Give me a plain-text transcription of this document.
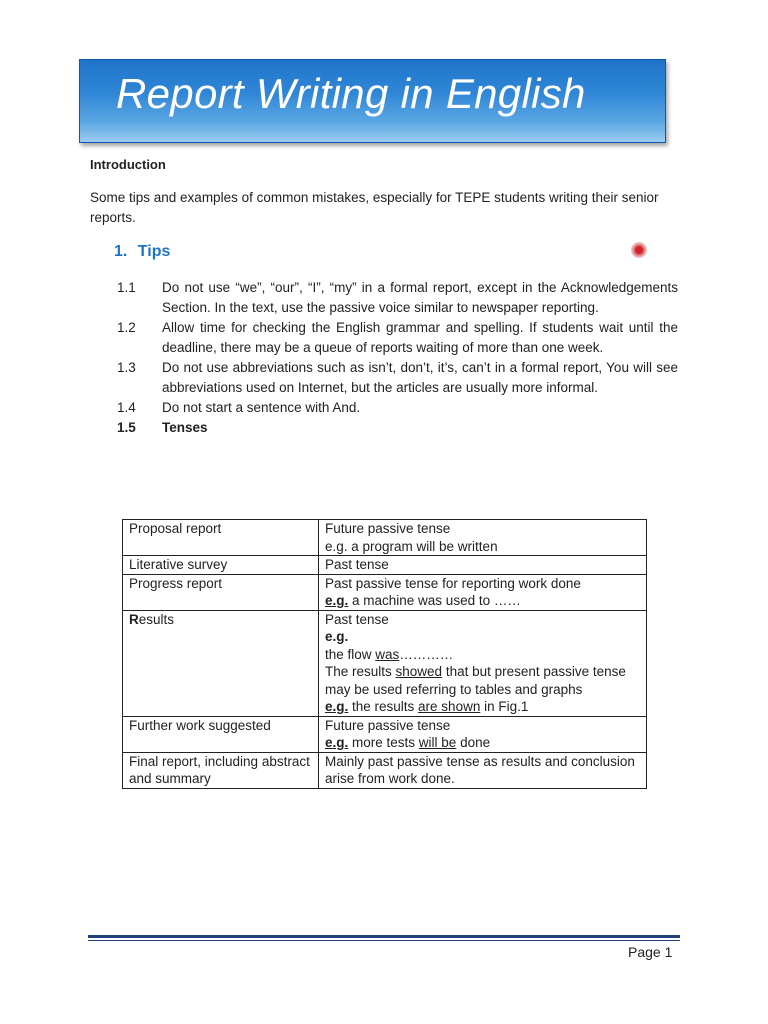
Report Writing in English
Introduction
Some tips and examples of common mistakes, especially for TEPE students writing their senior reports.
1. Tips
1.1	Do not use “we”, “our”, “I”, “my” in a formal report, except in the Acknowledgements Section. In the text, use the passive voice similar to newspaper reporting.
1.2	Allow time for checking the English grammar and spelling. If students wait until the deadline, there may be a queue of reports waiting of more than one week.
1.3	Do not use abbreviations such as isn’t, don’t, it’s, can’t in a formal report, You will see abbreviations used on Internet, but the articles are usually more informal.
1.4	Do not start a sentence with And.
1.5	Tenses
Proposal report	Future passive tense
e.g. a program will be written

Literative survey	Past tense
Progress report	Past passive tense for reporting work done
e.g. a machine was used to ……

Results	Past tense
e.g.
the flow was…………
The results showed that but present passive tense may be used referring to tables and graphs
e.g. the results are shown in Fig.1

Further work suggested	Future passive tense
e.g. more tests will be done

Final report, including abstract and summary	Mainly past passive tense as results and conclusion arise from work done.
Page 1
